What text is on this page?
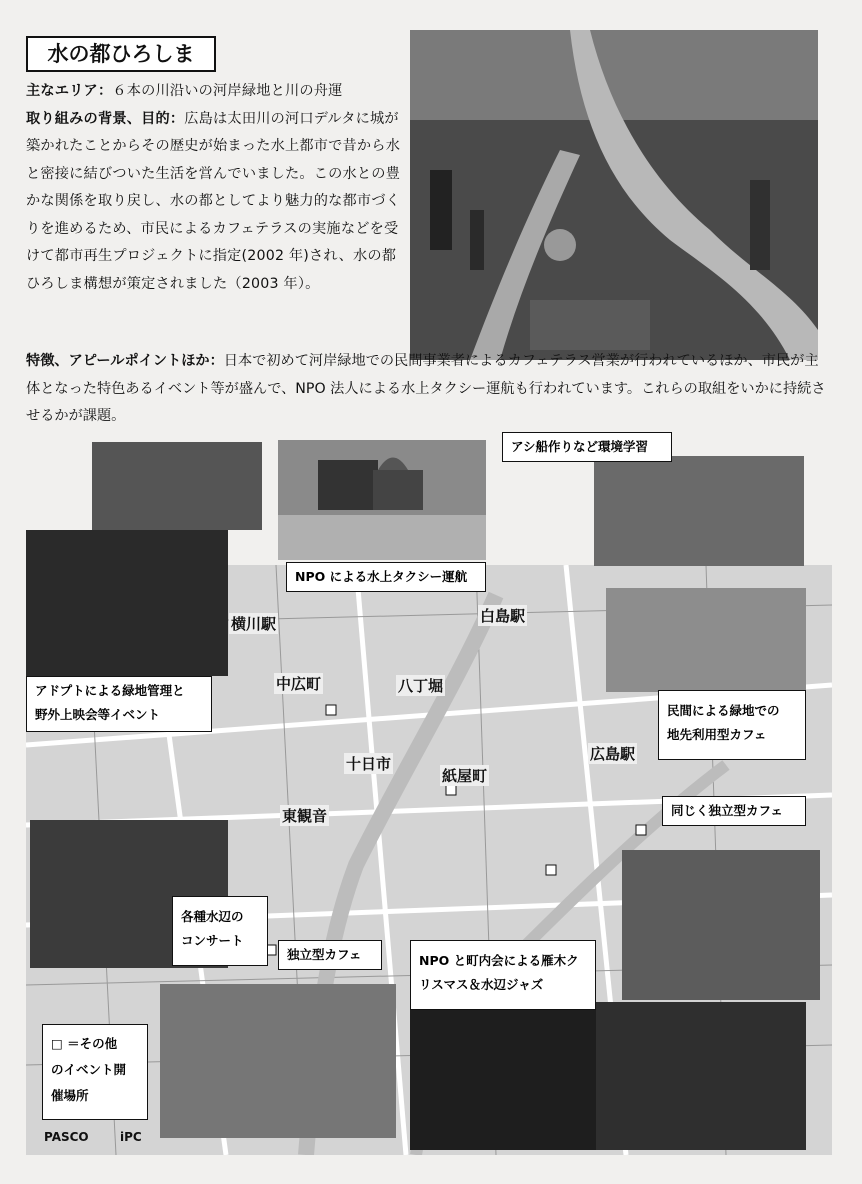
水の都ひろしま
主なエリア：６本の川沿いの河岸緑地と川の舟運
取り組みの背景、目的：広島は太田川の河口デルタに城が築かれたことからその歴史が始まった水上都市で昔から水と密接に結びついた生活を営んでいました。この水との豊かな関係を取り戻し、水の都としてより魅力的な都市づくりを進めるため、市民によるカフェテラスの実施などを受けて都市再生プロジェクトに指定(2002 年)され、水の都ひろしま構想が策定されました（2003 年）。
特徴、アピールポイントほか：日本で初めて河岸緑地での民間事業者によるカフェテラス営業が行われているほか、市民が主体となった特色あるイベント等が盛んで、NPO 法人による水上タクシー運航も行われています。これらの取組をいかに持続させるかが課題。
横川駅	白島駅
広島駅
十日市
紙屋町
八丁堀
中広町
東観音
アシ船作りなど環境学習
NPO による水上タクシー運航
アドプトによる緑地管理と
野外上映会等イベント	民間による緑地での
地先利用型カフェ
同じく独立型カフェ
各種水辺の
コンサート
独立型カフェ	NPO と町内会による雁木ク
リスマス＆水辺ジャズ
□ ＝その他
のイベント開
催場所
PASCO	iPC
